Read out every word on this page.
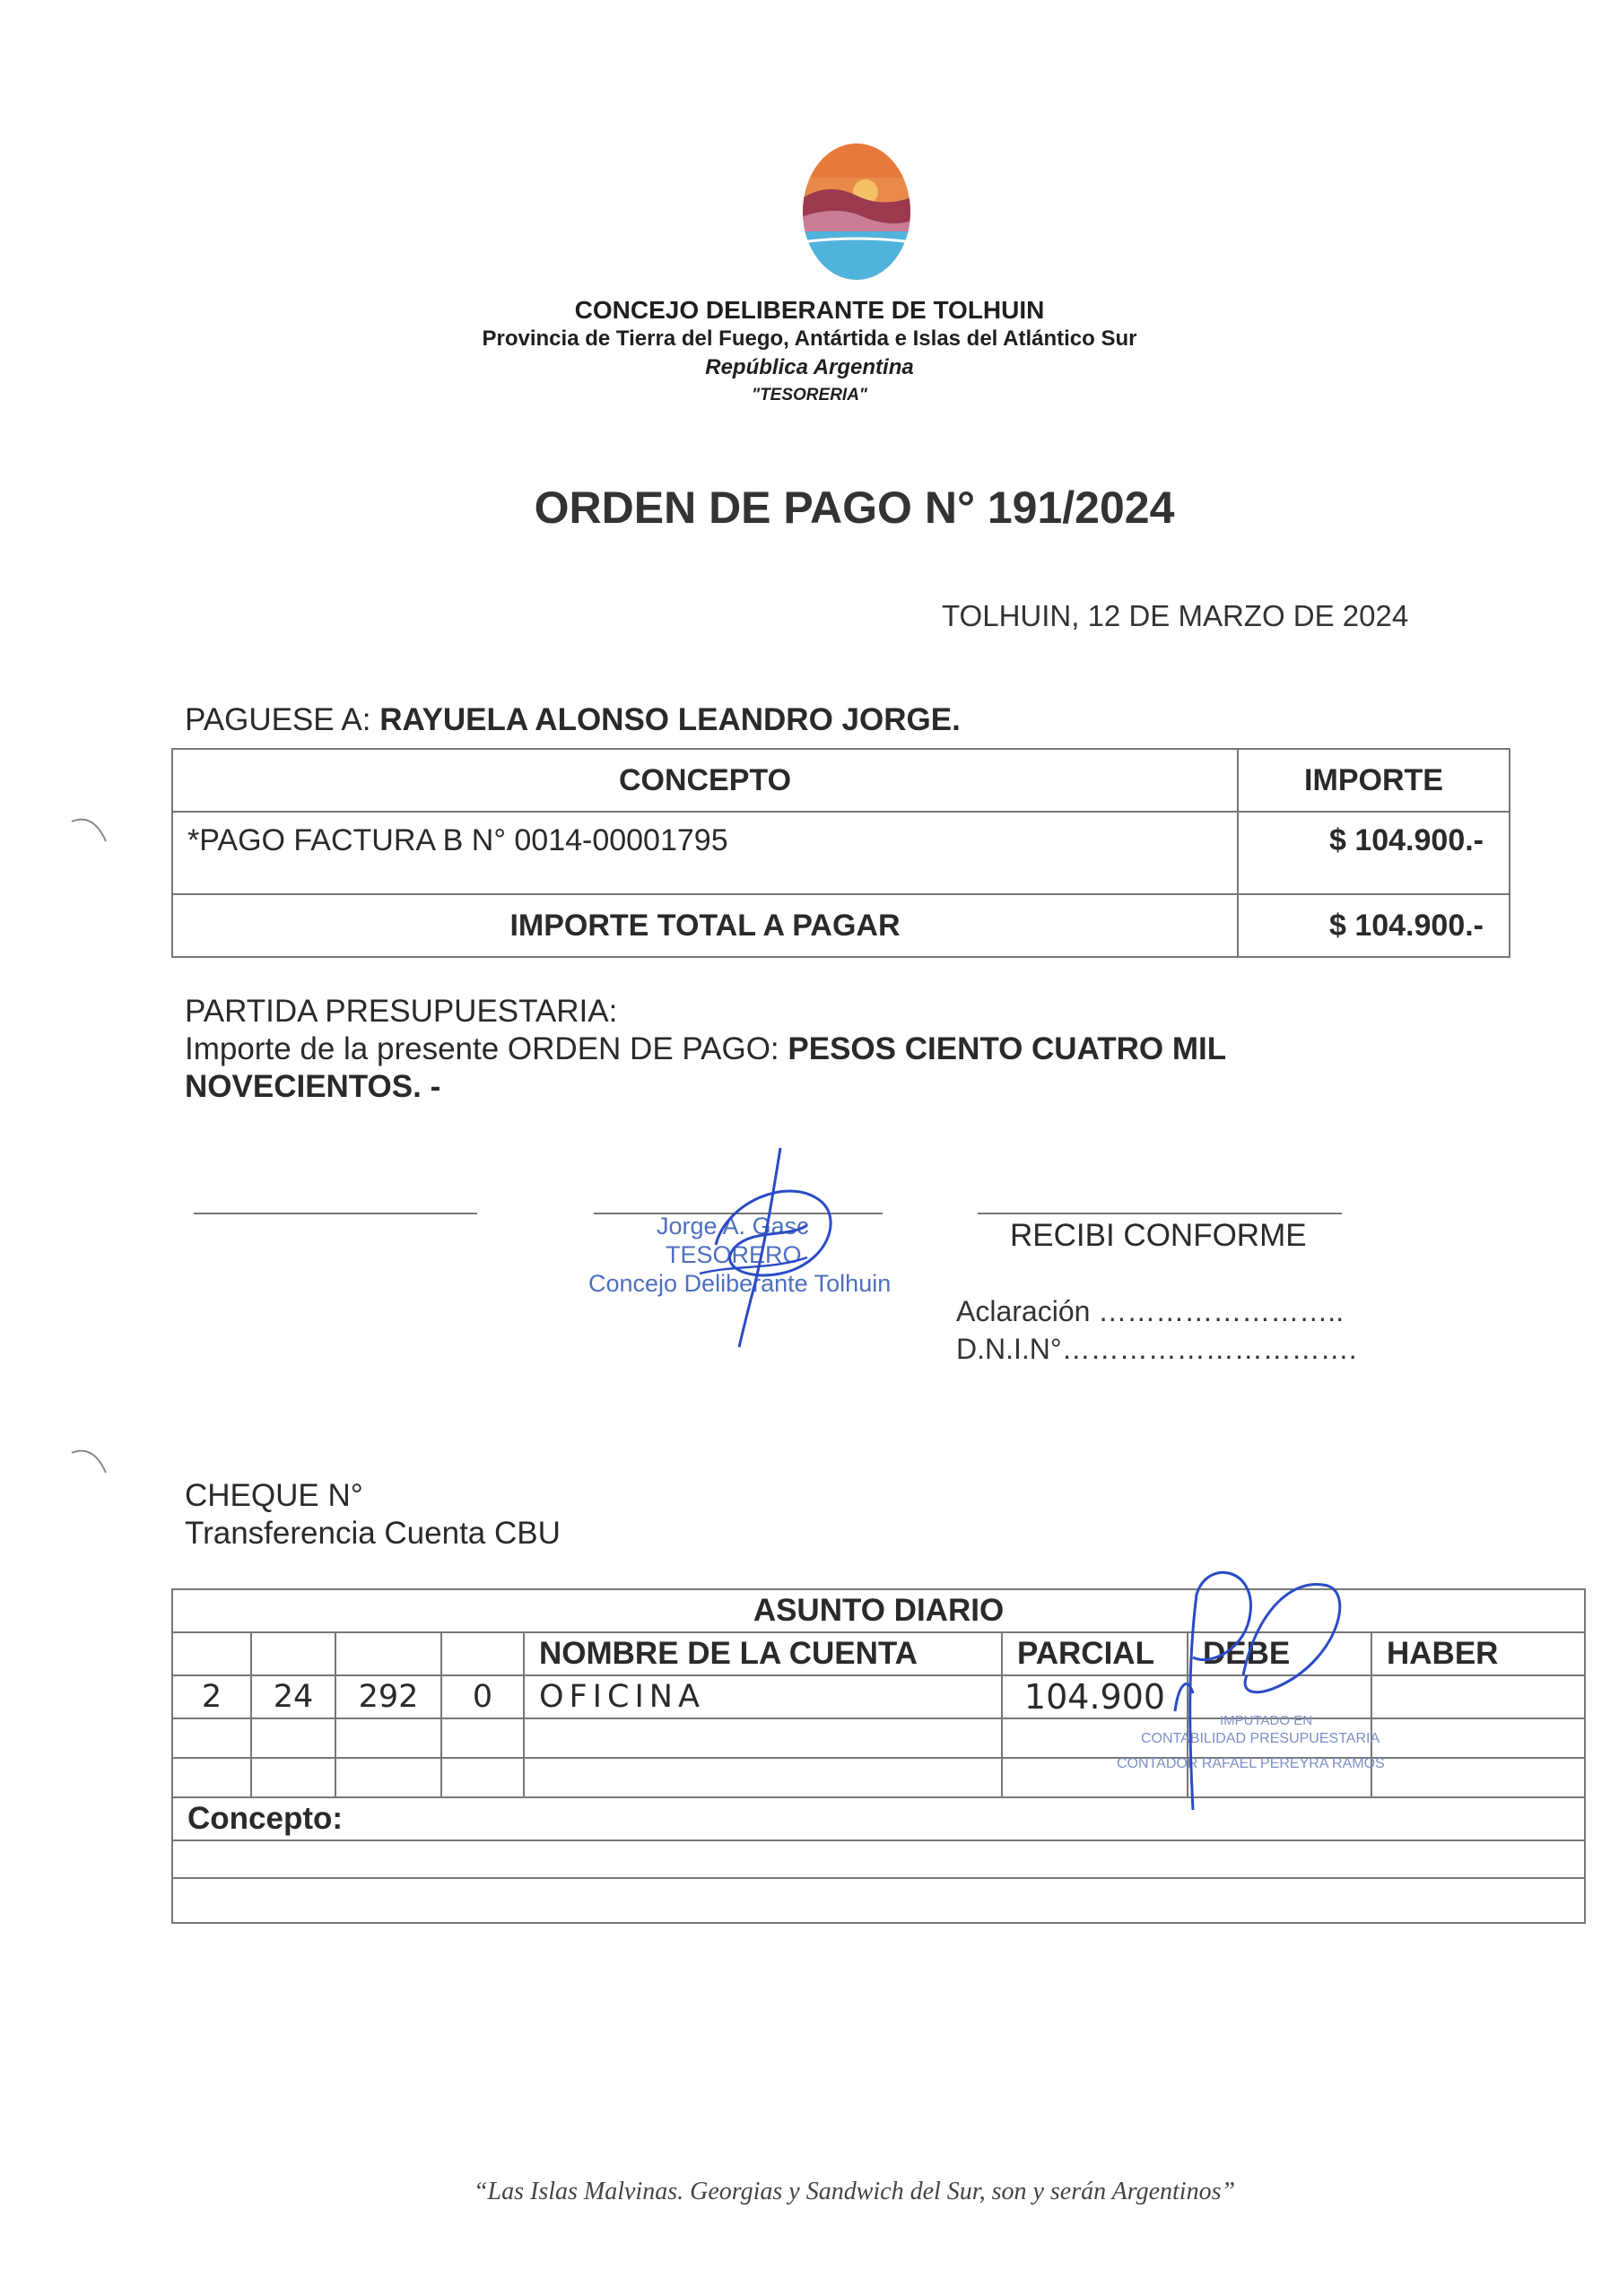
CONCEJO DELIBERANTE DE TOLHUIN
Provincia de Tierra del Fuego, Antártida e Islas del Atlántico Sur
República Argentina
"TESORERIA"
ORDEN DE PAGO N° 191/2024
TOLHUIN, 12 DE MARZO DE 2024
PAGUESE A: RAYUELA ALONSO LEANDRO JORGE.
CONCEPTO	IMPORTE
*PAGO FACTURA B N° 0014-00001795	$ 104.900.-
IMPORTE TOTAL A PAGAR	$ 104.900.-
PARTIDA PRESUPUESTARIA:
Importe de la presente ORDEN DE PAGO: PESOS CIENTO CUATRO MIL
NOVECIENTOS. -
Jorge A. Gasc
TESORERO
Concejo Deliberante Tolhuin
RECIBI CONFORME
Aclaración ……………………..
D.N.I.N°………………………….
CHEQUE N°
Transferencia Cuenta CBU
ASUNTO DIARIO							
				NOMBRE DE LA CUENTA	PARCIAL	DEBE	HABER
2	24	292	0	OFICINA	104.900		

Concepto:							

IMPUTADO EN
CONTABILIDAD PRESUPUESTARIA
CONTADOR RAFAEL PEREYRA RAMOS
“Las Islas Malvinas. Georgias y Sandwich del Sur, son y serán Argentinos”
